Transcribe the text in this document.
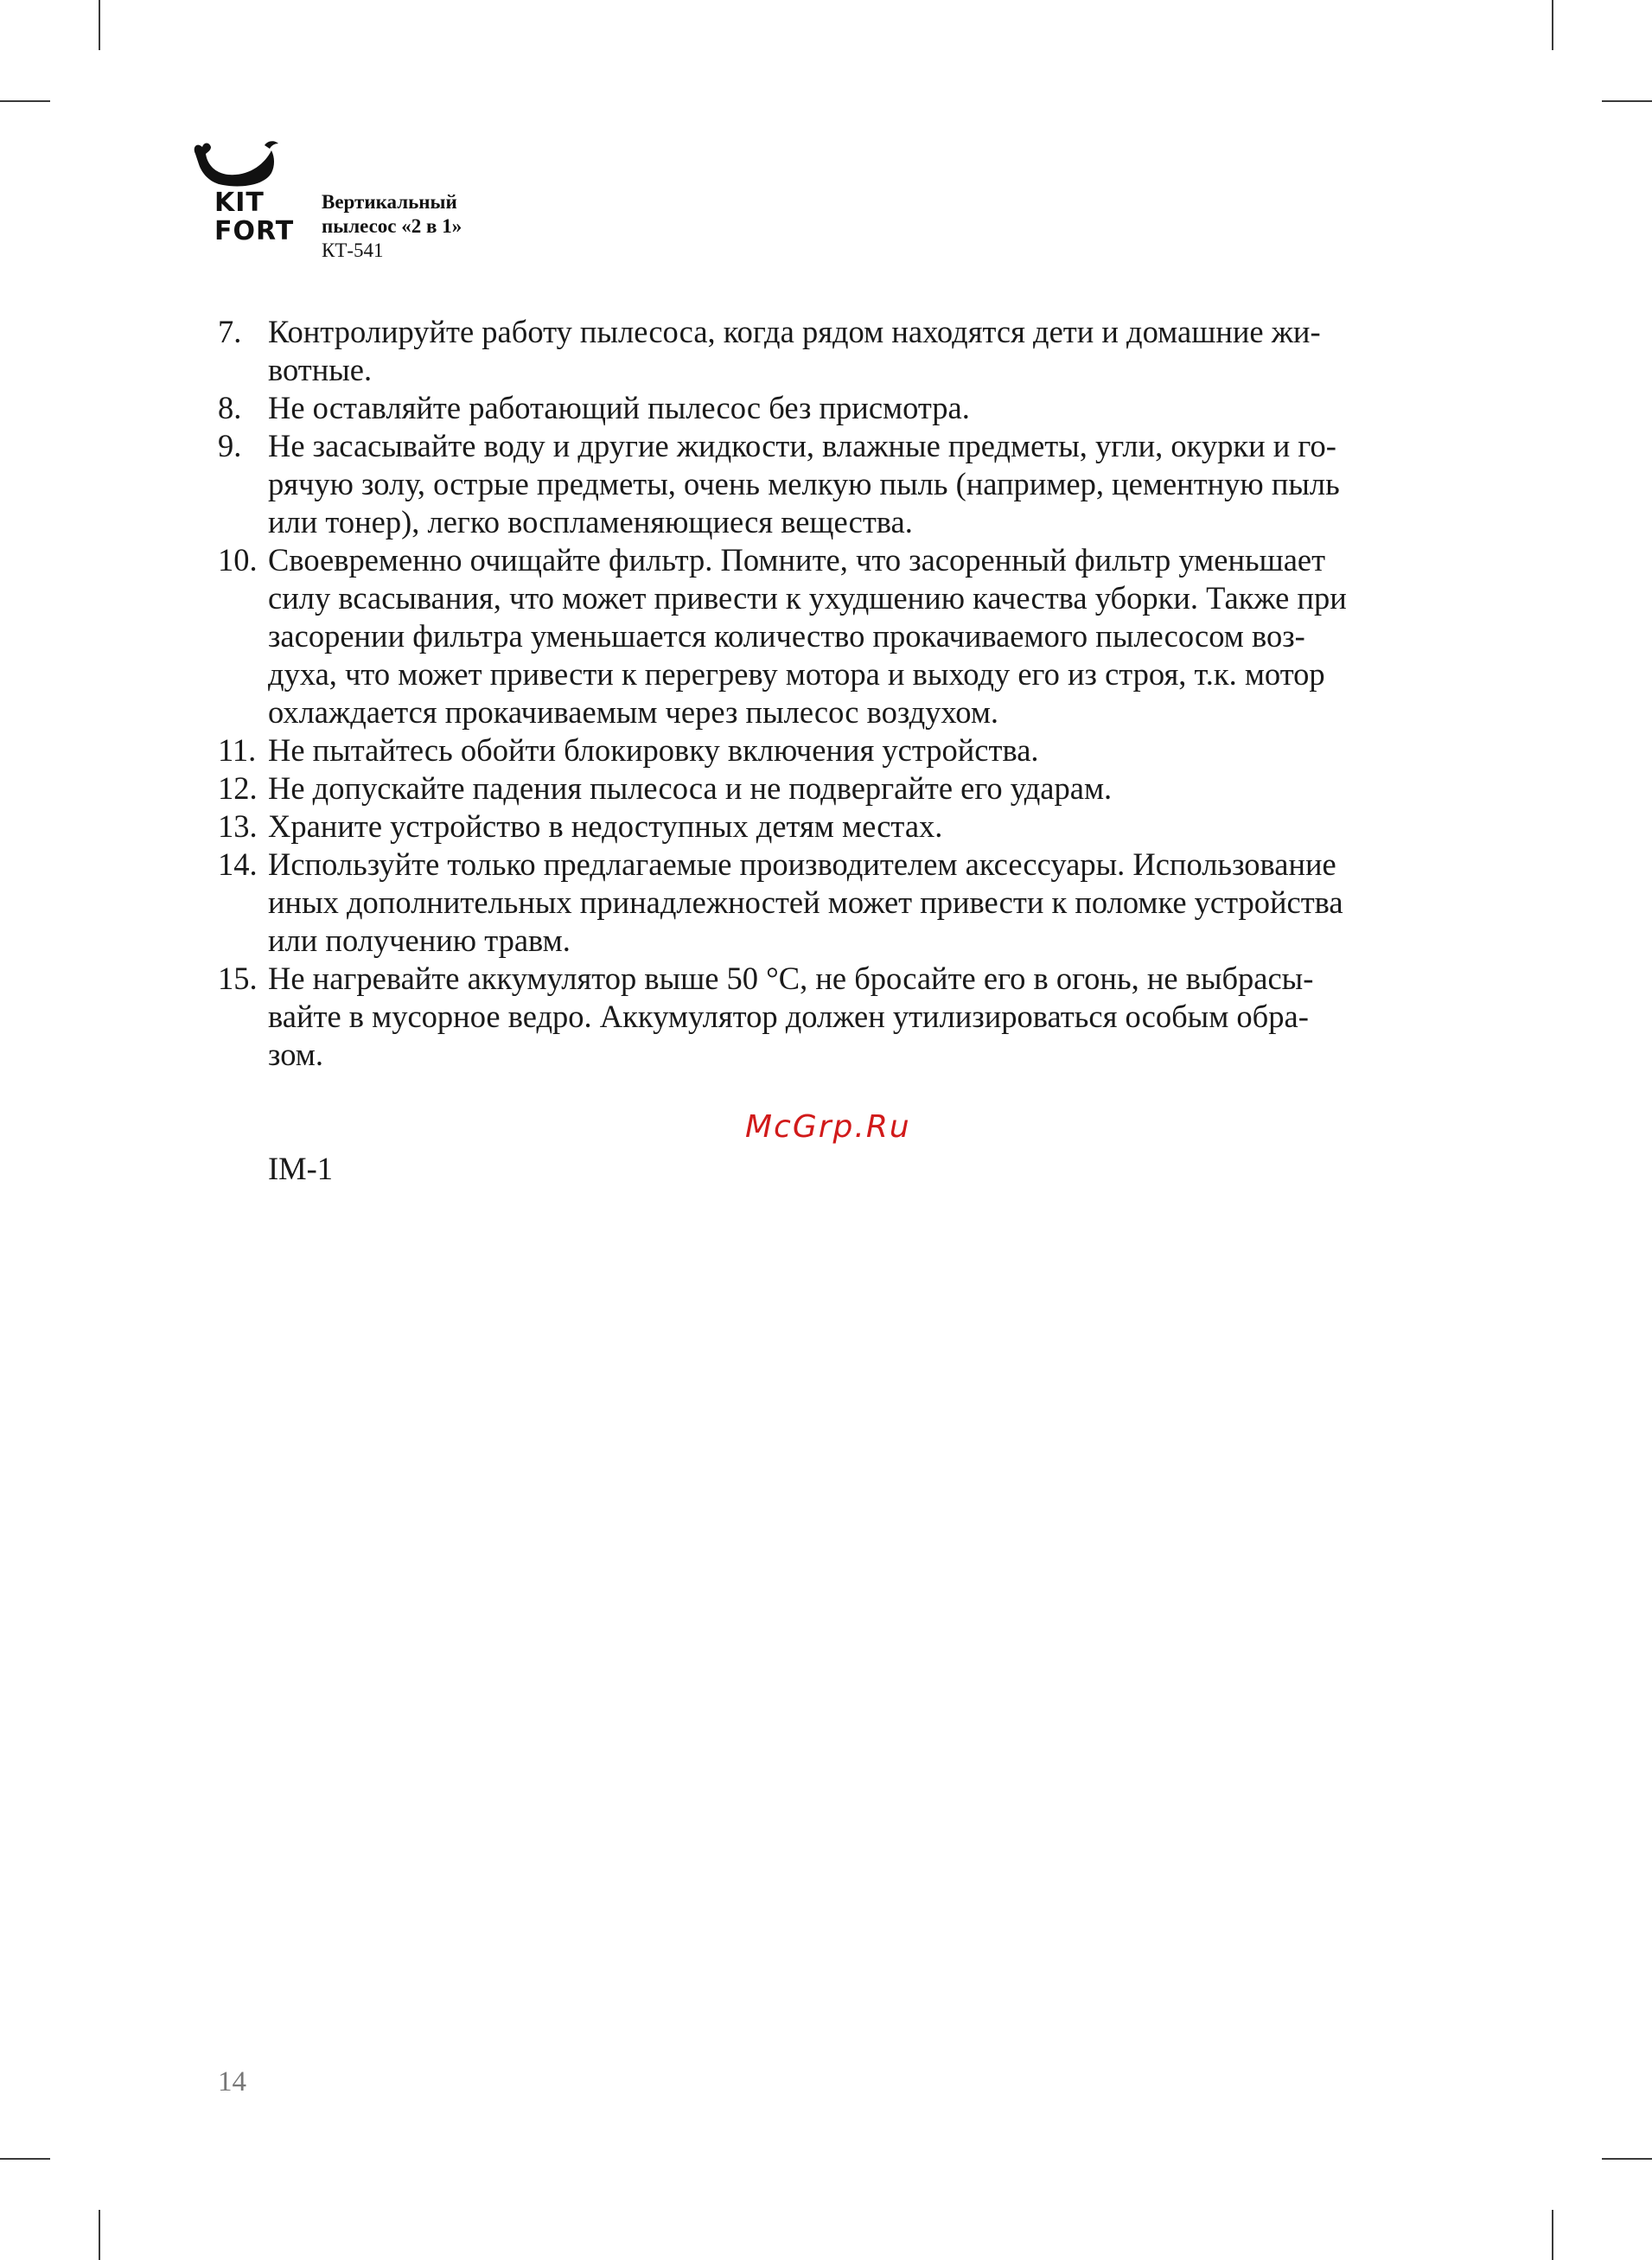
KIT
FORT
Вертикальный
пылесос «2 в 1»
КТ-541
7. Контролируйте работу пылесоса, когда рядом находятся дети и домашние жи-
вотные.
8. Не оставляйте работающий пылесос без присмотра.
9. Не засасывайте воду и другие жидкости, влажные предметы, угли, окурки и го-
рячую золу, острые предметы, очень мелкую пыль (например, цементную пыль
или тонер), легко воспламеняющиеся вещества.
10. Своевременно очищайте фильтр. Помните, что засоренный фильтр уменьшает
силу всасывания, что может привести к ухудшению качества уборки. Также при
засорении фильтра уменьшается количество прокачиваемого пылесосом воз-
духа, что может привести к перегреву мотора и выходу его из строя, т.к. мотор
охлаждается прокачиваемым через пылесос воздухом.
11. Не пытайтесь обойти блокировку включения устройства.
12. Не допускайте падения пылесоса и не подвергайте его ударам.
13. Храните устройство в недоступных детям местах.
14. Используйте только предлагаемые производителем аксессуары. Использование
иных дополнительных принадлежностей может привести к поломке устройства
или получению травм.
15. Не нагревайте аккумулятор выше 50 °С, не бросайте его в огонь, не выбрасы-
вайте в мусорное ведро. Аккумулятор должен утилизироваться особым обра-
зом.
McGrp.Ru
IM-1
14
